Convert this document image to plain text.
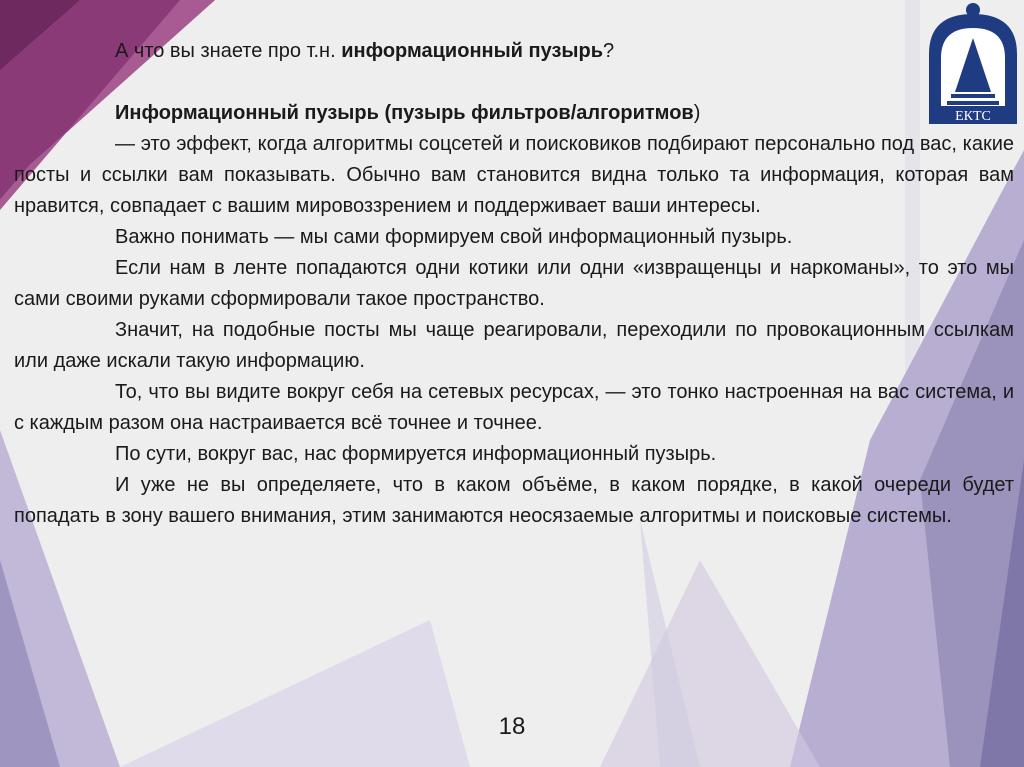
ЕКТС

А что вы знаете про т.н. информационный пузырь?

Информационный пузырь (пузырь фильтров/алгоритмов)

— это эффект, когда алгоритмы соцсетей и поисковиков подбирают персонально под вас, какие посты и ссылки вам показывать. Обычно вам становится видна только та информация, которая вам нравится, совпадает с вашим мировоззрением и поддерживает ваши интересы.

Важно понимать — мы сами формируем свой информационный пузырь.

Если нам в ленте попадаются одни котики или одни «извращенцы и наркоманы», то это мы сами своими руками сформировали такое пространство.

Значит, на подобные посты мы чаще реагировали, переходили по провокационным ссылкам или даже искали такую информацию.

То, что вы видите вокруг себя на сетевых ресурсах, — это тонко настроенная на вас система, и с каждым разом она настраивается всё точнее и точнее.

По сути, вокруг вас, нас формируется информационный пузырь.

И уже не вы определяете, что в каком объёме, в каком порядке, в какой очереди будет попадать в зону вашего внимания, этим занимаются неосязаемые алгоритмы и поисковые системы.

18
